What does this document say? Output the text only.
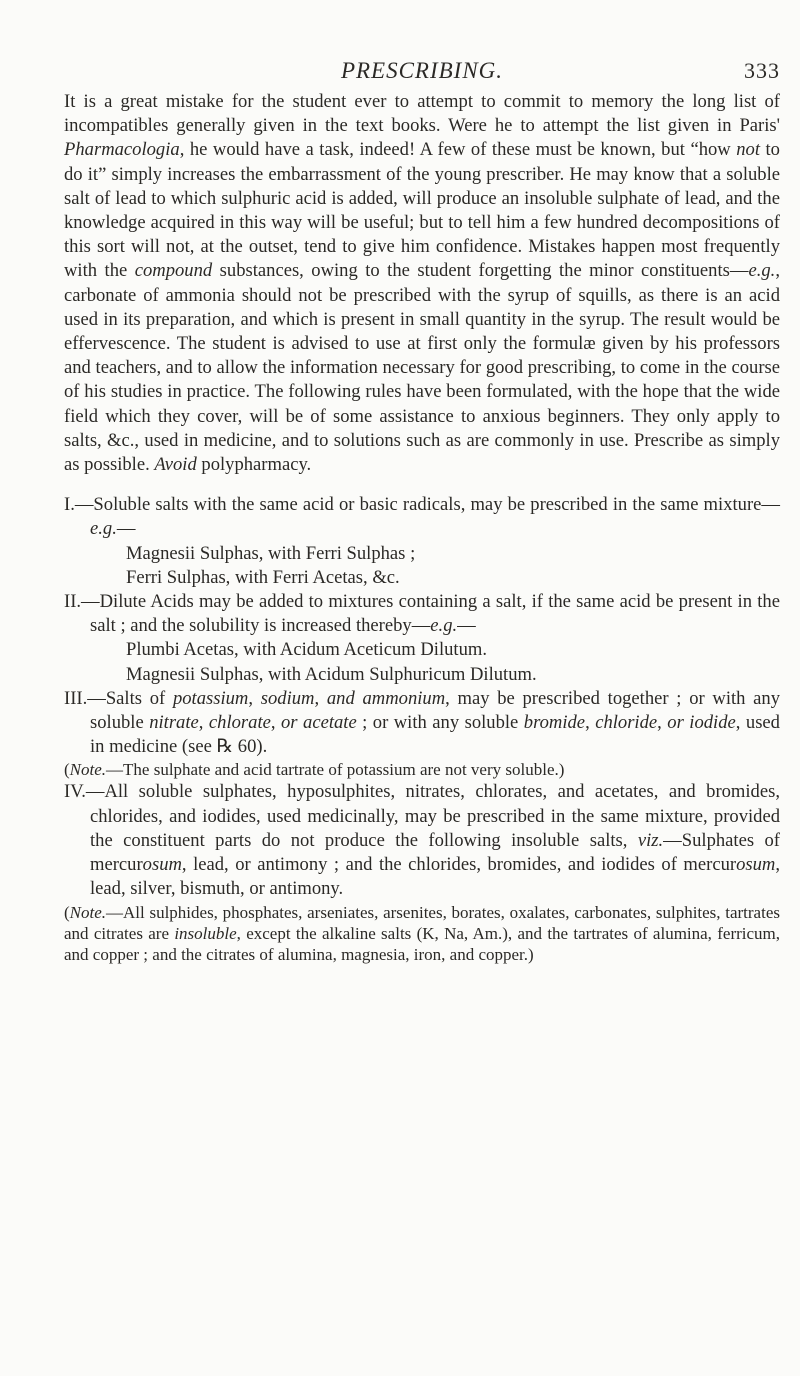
PRESCRIBING.	333

It is a great mistake for the student ever to attempt to commit to memory the long list of incompatibles generally given in the text books. Were he to attempt the list given in Paris' Pharmacologia, he would have a task, indeed! A few of these must be known, but “how not to do it” simply increases the embarrassment of the young prescriber. He may know that a soluble salt of lead to which sulphuric acid is added, will produce an insoluble sulphate of lead, and the knowledge acquired in this way will be useful; but to tell him a few hundred decompositions of this sort will not, at the outset, tend to give him confidence. Mistakes happen most frequently with the compound substances, owing to the student forgetting the minor constituents—e.g., carbonate of ammonia should not be prescribed with the syrup of squills, as there is an acid used in its preparation, and which is present in small quantity in the syrup. The result would be effervescence. The student is advised to use at first only the formulæ given by his professors and teachers, and to allow the information necessary for good prescribing, to come in the course of his studies in practice. The following rules have been formulated, with the hope that the wide field which they cover, will be of some assistance to anxious beginners. They only apply to salts, &c., used in medicine, and to solutions such as are commonly in use. Prescribe as simply as possible. Avoid polypharmacy.

I.—Soluble salts with the same acid or basic radicals, may be prescribed in the same mixture—e.g.—

Magnesii Sulphas, with Ferri Sulphas ;

Ferri Sulphas, with Ferri Acetas, &c.

II.—Dilute Acids may be added to mixtures containing a salt, if the same acid be present in the salt ; and the solubility is increased thereby—e.g.—

Plumbi Acetas, with Acidum Aceticum Dilutum.

Magnesii Sulphas, with Acidum Sulphuricum Dilutum.

III.—Salts of potassium, sodium, and ammonium, may be prescribed together ; or with any soluble nitrate, chlorate, or acetate ; or with any soluble bromide, chloride, or iodide, used in medicine (see ℞ 60).

(Note.—The sulphate and acid tartrate of potassium are not very soluble.)

IV.—All soluble sulphates, hyposulphites, nitrates, chlorates, and acetates, and bromides, chlorides, and iodides, used medicinally, may be prescribed in the same mixture, provided the constituent parts do not produce the following insoluble salts, viz.—Sulphates of mercurosum, lead, or antimony ; and the chlorides, bromides, and iodides of mercurosum, lead, silver, bismuth, or antimony.

(Note.—All sulphides, phosphates, arseniates, arsenites, borates, oxalates, carbonates, sulphites, tartrates and citrates are insoluble, except the alkaline salts (K, Na, Am.), and the tartrates of alumina, ferricum, and copper ; and the citrates of alumina, magnesia, iron, and copper.)
